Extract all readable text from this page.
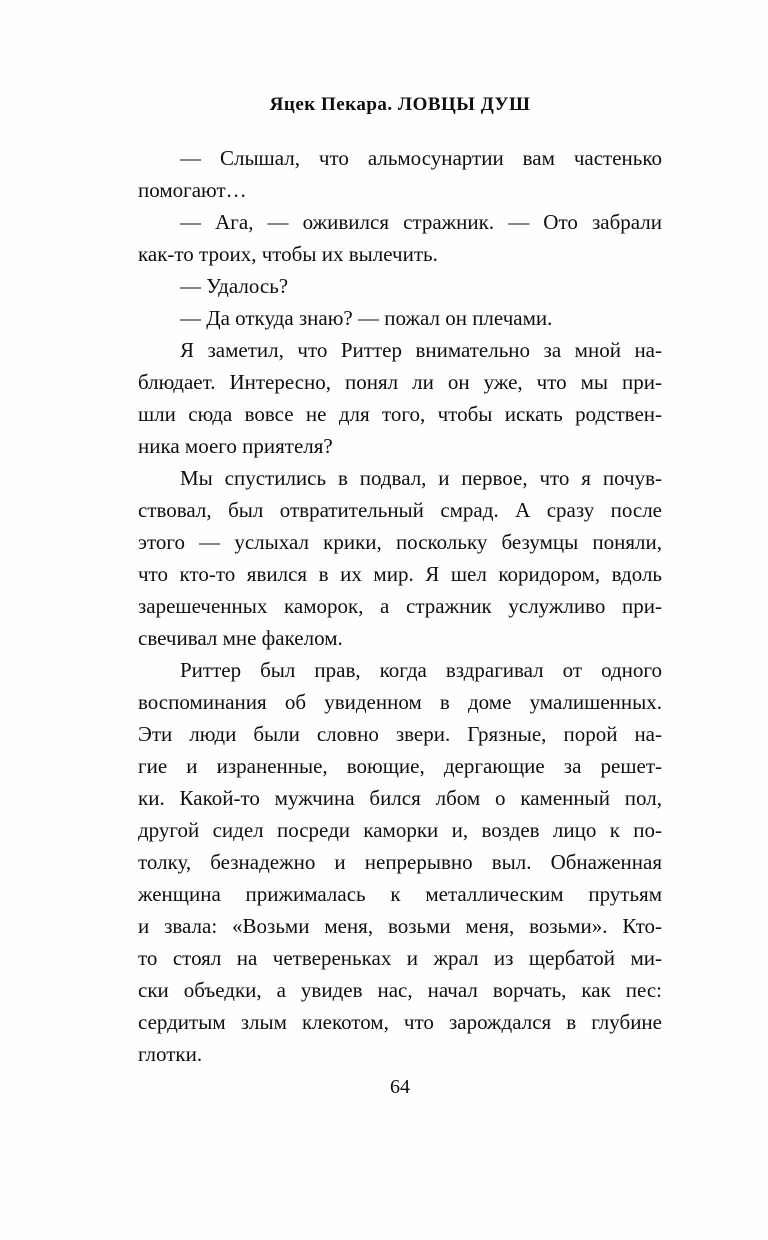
Яцек Пекара. ЛОВЦЫ ДУШ
— Слышал, что альмосунартии вам частенько
помогают…
— Ага, — оживился стражник. — Ото забрали
как-то троих, чтобы их вылечить.
— Удалось?
— Да откуда знаю? — пожал он плечами.
Я заметил, что Риттер внимательно за мной на-
блюдает. Интересно, понял ли он уже, что мы при-
шли сюда вовсе не для того, чтобы искать родствен-
ника моего приятеля?
Мы спустились в подвал, и первое, что я почув-
ствовал, был отвратительный смрад. А сразу после
этого — услыхал крики, поскольку безумцы поняли,
что кто-то явился в их мир. Я шел коридором, вдоль
зарешеченных каморок, а стражник услужливо при-
свечивал мне факелом.
Риттер был прав, когда вздрагивал от одного
воспоминания об увиденном в доме умалишенных.
Эти люди были словно звери. Грязные, порой на-
гие и израненные, воющие, дергающие за решет-
ки. Какой-то мужчина бился лбом о каменный пол,
другой сидел посреди каморки и, воздев лицо к по-
толку, безнадежно и непрерывно выл. Обнаженная
женщина прижималась к металлическим прутьям
и звала: «Возьми меня, возьми меня, возьми». Кто-
то стоял на четвереньках и жрал из щербатой ми-
ски объедки, а увидев нас, начал ворчать, как пес:
сердитым злым клекотом, что зарождался в глубине
глотки.
64
